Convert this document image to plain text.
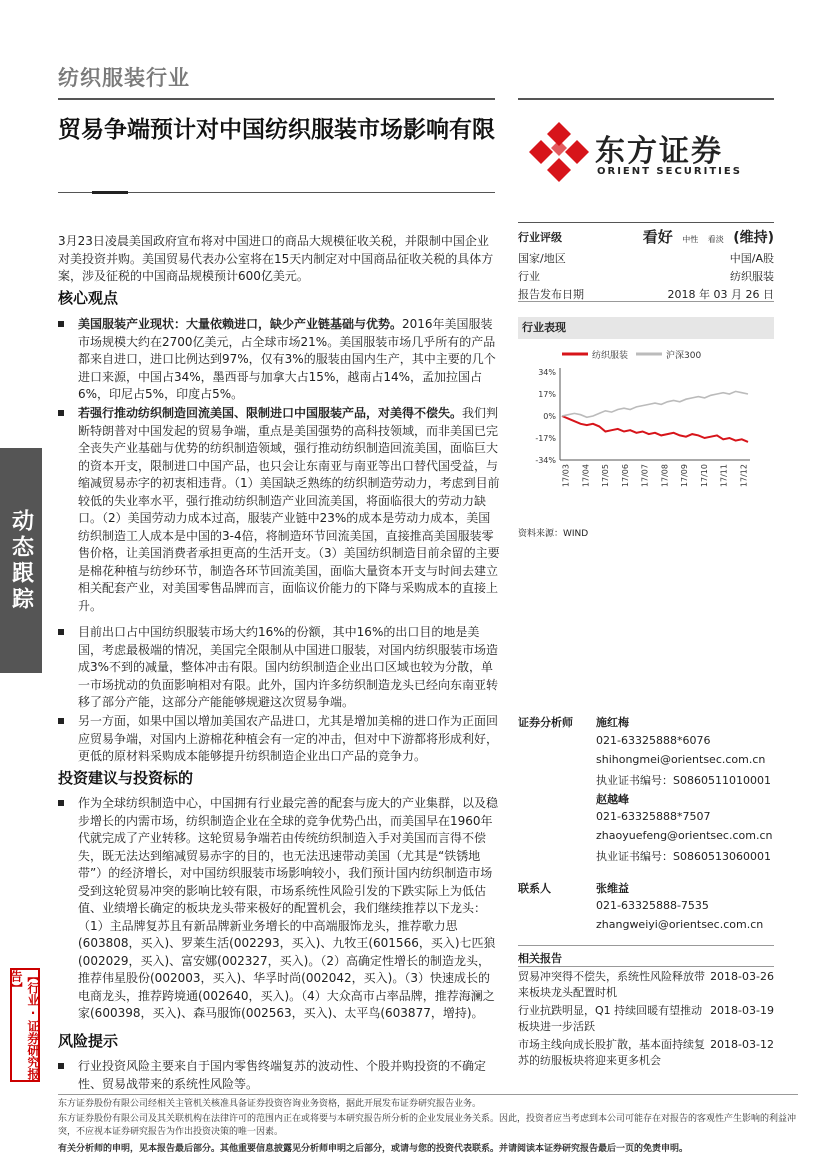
纺织服装行业
贸易争端预计对中国纺织服装市场影响有限
东方证券
ORIENT SECURITIES
动态跟踪
【行业·证券研究报告】
3月23日凌晨美国政府宣布将对中国进口的商品大规模征收关税，并限制中国企业对美投资并购。美国贸易代表办公室将在15天内制定对中国商品征收关税的具体方案，涉及征税的中国商品规模预计600亿美元。
核心观点
美国服装产业现状：大量依赖进口，缺少产业链基础与优势。2016年美国服装市场规模大约在2700亿美元，占全球市场21%。美国服装市场几乎所有的产品都来自进口，进口比例达到97%，仅有3%的服装由国内生产，其中主要的几个进口来源，中国占34%，墨西哥与加拿大占15%，越南占14%，孟加拉国占6%，印尼占5%，印度占5%。
若强行推动纺织制造回流美国、限制进口中国服装产品，对美得不偿失。我们判断特朗普对中国发起的贸易争端，重点是美国强势的高科技领域，而非美国已完全丧失产业基础与优势的纺织制造领域，强行推动纺织制造回流美国，面临巨大的资本开支，限制进口中国产品，也只会让东南亚与南亚等出口替代国受益，与缩减贸易赤字的初衷相违背。（1）美国缺乏熟练的纺织制造劳动力，考虑到目前较低的失业率水平，强行推动纺织制造产业回流美国，将面临很大的劳动力缺口。（2）美国劳动力成本过高，服装产业链中23%的成本是劳动力成本，美国纺织制造工人成本是中国的3-4倍，将制造环节回流美国，直接推高美国服装零售价格，让美国消费者承担更高的生活开支。（3）美国纺织制造目前余留的主要是棉花种植与纺纱环节，制造各环节回流美国，面临大量资本开支与时间去建立相关配套产业，对美国零售品牌而言，面临议价能力的下降与采购成本的直接上升。
目前出口占中国纺织服装市场大约16%的份额，其中16%的出口目的地是美国，考虑最极端的情况，美国完全限制从中国进口服装，对国内纺织服装市场造成3%不到的减量，整体冲击有限。国内纺织制造企业出口区域也较为分散，单一市场扰动的负面影响相对有限。此外，国内许多纺织制造龙头已经向东南亚转移了部分产能，这部分产能能够规避这次贸易争端。
另一方面，如果中国以增加美国农产品进口，尤其是增加美棉的进口作为正面回应贸易争端，对国内上游棉花种植会有一定的冲击，但对中下游都将形成利好，更低的原材料采购成本能够提升纺织制造企业出口产品的竞争力。
投资建议与投资标的
作为全球纺织制造中心，中国拥有行业最完善的配套与庞大的产业集群，以及稳步增长的内需市场，纺织制造企业在全球的竞争优势凸出，而美国早在1960年代就完成了产业转移。这轮贸易争端若由传统纺织制造入手对美国而言得不偿失，既无法达到缩减贸易赤字的目的，也无法迅速带动美国（尤其是“铁锈地带”）的经济增长，对中国纺织服装市场影响较小，我们预计国内纺织制造市场受到这轮贸易冲突的影响比较有限，市场系统性风险引发的下跌实际上为低估值、业绩增长确定的板块龙头带来极好的配置机会，我们继续推荐以下龙头：（1）主品牌复苏且有新品牌新业务增长的中高端服饰龙头，推荐歌力思(603808，买入)、罗莱生活(002293，买入)、九牧王(601566，买入)七匹狼(002029，买入)、富安娜(002327，买入)。（2）高确定性增长的制造龙头，推荐伟星股份(002003，买入)、华孚时尚(002042，买入)。（3）快速成长的电商龙头，推荐跨境通(002640，买入)。（4）大众高市占率品牌，推荐海澜之家(600398，买入)、森马服饰(002563，买入)、太平鸟(603877，增持)。
风险提示
行业投资风险主要来自于国内零售终端复苏的波动性、个股并购投资的不确定性、贸易战带来的系统性风险等。
行业评级	看好 中性 看淡 (维持)
国家/地区	中国/A股
行业	纺织服装
报告发布日期	2018 年 03 月 26 日
行业表现
纺织服装	沪深300
34%
17%
0%
-17%
-34%
17/03 17/04 17/05 17/06 17/07 17/08 17/09 17/10 17/11 17/12
资料来源：WIND
证券分析师 施红梅
021-63325888*6076
shihongmei@orientsec.com.cn
执业证书编号：S0860511010001
赵越峰
021-63325888*7507
zhaoyuefeng@orientsec.com.cn
执业证书编号：S0860513060001
联系人	张维益
021-63325888-7535
zhangweiyi@orientsec.com.cn
相关报告
贸易冲突得不偿失，系统性风险释放带来板块龙头配置时机
2018-03-26
行业抗跌明显，Q1 持续回暖有望推动板块进一步活跃
2018-03-19
市场主线向成长股扩散，基本面持续复苏的纺服板块将迎来更多机会
2018-03-12
东方证券股份有限公司经相关主管机关核准具备证券投资咨询业务资格，据此开展发布证券研究报告业务。
东方证券股份有限公司及其关联机构在法律许可的范围内正在或将要与本研究报告所分析的企业发展业务关系。因此，投资者应当考虑到本公司可能存在对报告的客观性产生影响的利益冲突，不应视本证券研究报告为作出投资决策的唯一因素。
有关分析师的申明，见本报告最后部分。其他重要信息披露见分析师申明之后部分，或请与您的投资代表联系。并请阅读本证券研究报告最后一页的免责申明。
